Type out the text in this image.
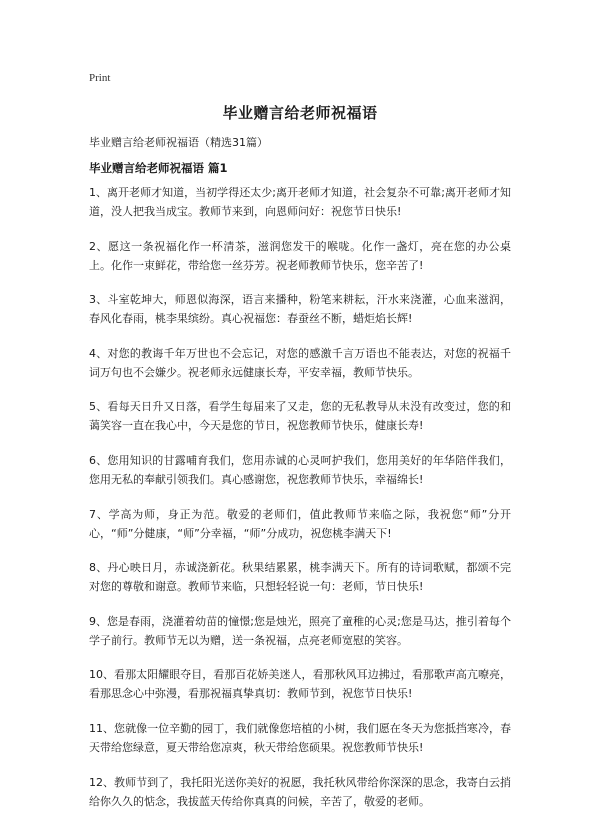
Print
毕业赠言给老师祝福语

毕业赠言给老师祝福语（精选31篇）

毕业赠言给老师祝福语 篇1

1、离开老师才知道，当初学得还太少;离开老师才知道，社会复杂不可靠;离开老师才知道，没人把我当成宝。教师节来到，向恩师问好：祝您节日快乐!

2、愿这一条祝福化作一杯清茶，滋润您发干的喉咙。化作一盏灯，亮在您的办公桌上。化作一束鲜花，带给您一丝芬芳。祝老师教师节快乐，您辛苦了!

3、斗室乾坤大，师恩似海深，语言来播种，粉笔来耕耘，汗水来浇灌，心血来滋润，春风化春雨，桃李果缤纷。真心祝福您：春蚕丝不断，蜡炬焰长辉!

4、对您的教诲千年万世也不会忘记，对您的感激千言万语也不能表达，对您的祝福千词万句也不会嫌少。祝老师永远健康长寿，平安幸福，教师节快乐。

5、看每天日升又日落，看学生每届来了又走，您的无私教导从未没有改变过，您的和蔼笑容一直在我心中，今天是您的节日，祝您教师节快乐，健康长寿!

6、您用知识的甘露哺育我们，您用赤诚的心灵呵护我们，您用美好的年华陪伴我们，您用无私的奉献引领我们。真心感谢您，祝您教师节快乐，幸福绵长!

7、学高为师，身正为范。敬爱的老师们，值此教师节来临之际，我祝您“师”分开心，“师”分健康，“师”分幸福，“师”分成功，祝您桃李满天下!

8、丹心映日月，赤诚浇新花。秋果结累累，桃李满天下。所有的诗词歌赋，都颂不完对您的尊敬和谢意。教师节来临，只想轻轻说一句：老师，节日快乐!

9、您是春雨，浇灌着幼苗的憧憬;您是烛光，照亮了童稚的心灵;您是马达，推引着每个学子前行。教师节无以为赠，送一条祝福，点亮老师宽慰的笑容。

10、看那太阳耀眼夺目，看那百花娇美迷人，看那秋风耳边拂过，看那歌声高亢嘹亮，看那思念心中弥漫，看那祝福真挚真切：教师节到，祝您节日快乐!

11、您就像一位辛勤的园丁，我们就像您培植的小树，我们愿在冬天为您抵挡寒冷，春天带给您绿意，夏天带给您凉爽，秋天带给您硕果。祝您教师节快乐!

12、教师节到了，我托阳光送你美好的祝愿，我托秋风带给你深深的思念，我寄白云捎给你久久的惦念，我拔蓝天传给你真真的问候，辛苦了，敬爱的老师。
